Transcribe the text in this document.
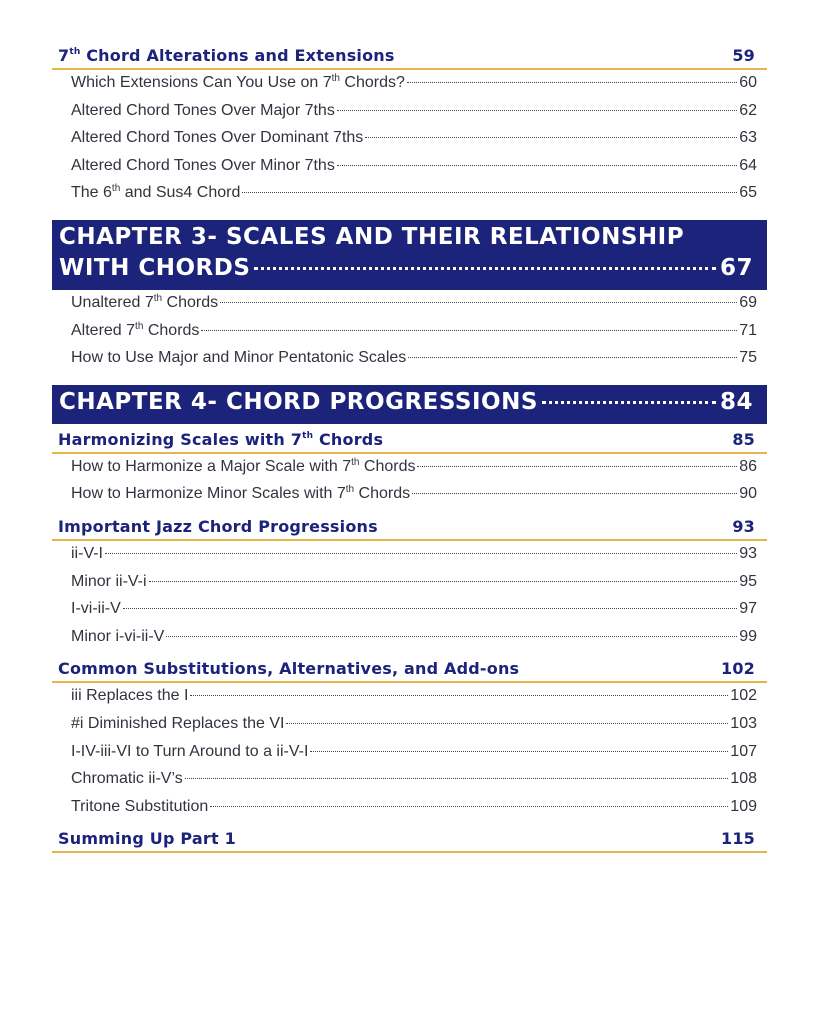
7th Chord Alterations and Extensions	59
Which Extensions Can You Use on 7th Chords?	60
Altered Chord Tones Over Major 7ths	62
Altered Chord Tones Over Dominant 7ths	63
Altered Chord Tones Over Minor 7ths	64
The 6th and Sus4 Chord	65
CHAPTER 3- SCALES AND THEIR RELATIONSHIP
WITH CHORDS	67
Unaltered 7th Chords	69
Altered 7th Chords	71
How to Use Major and Minor Pentatonic Scales	75
CHAPTER 4- CHORD PROGRESSIONS	84
Harmonizing Scales with 7th Chords	85
How to Harmonize a Major Scale with 7th Chords	86
How to Harmonize Minor Scales with 7th Chords	90
Important Jazz Chord Progressions	93
ii-V-I	93
Minor ii-V-i	95
I-vi-ii-V	97
Minor i-vi-ii-V	99
Common Substitutions, Alternatives, and Add-ons	102
iii Replaces the I	102
#i Diminished Replaces the VI	103
I-IV-iii-VI to Turn Around to a ii-V-I	107
Chromatic ii-V’s	108
Tritone Substitution	109
Summing Up Part 1	115
